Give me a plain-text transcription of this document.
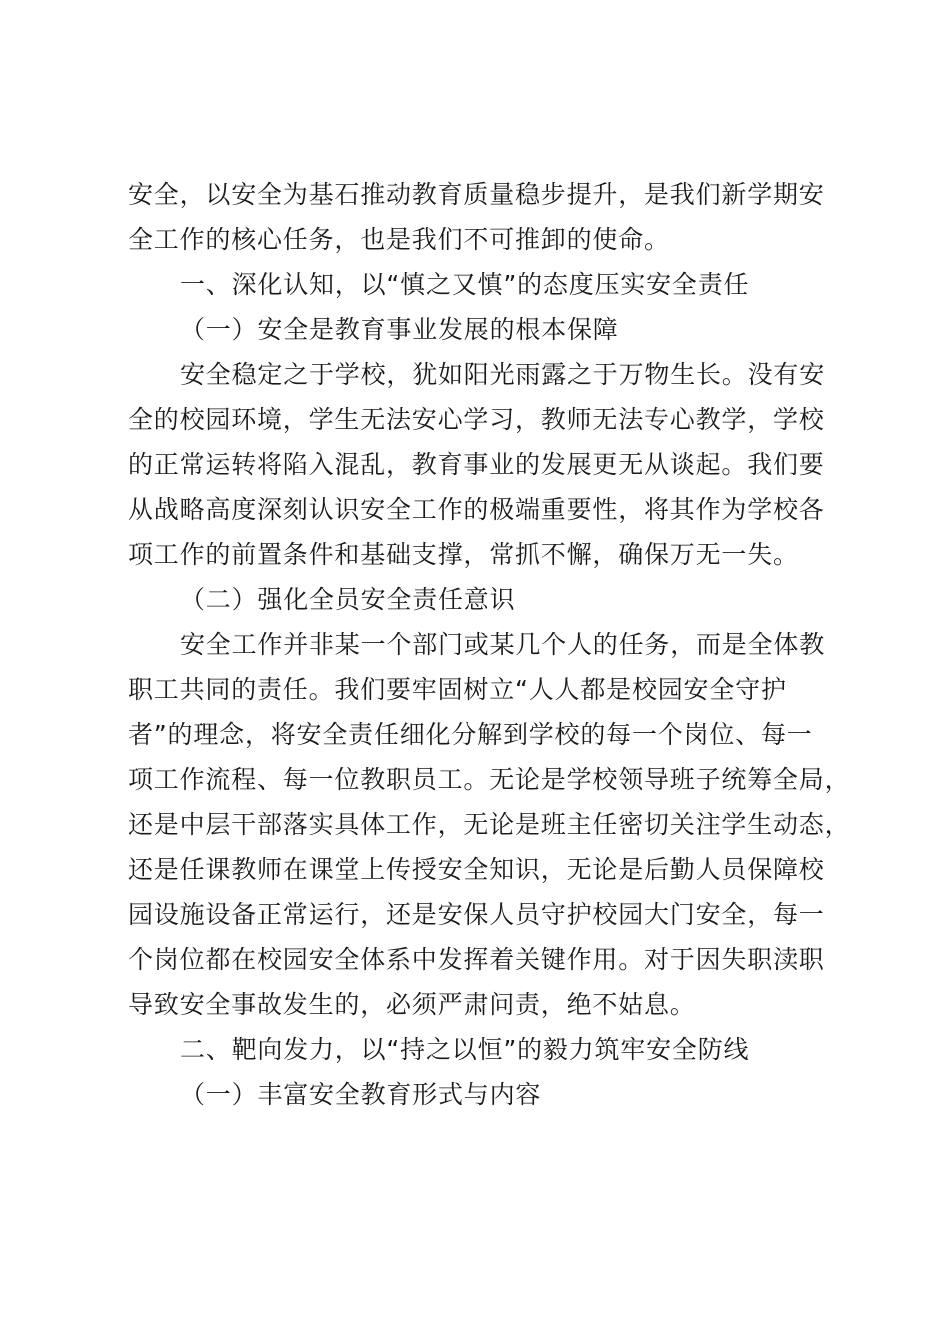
安全，以安全为基石推动教育质量稳步提升，是我们新学期安
全工作的核心任务，也是我们不可推卸的使命。
一、深化认知，以“慎之又慎”的态度压实安全责任
（一）安全是教育事业发展的根本保障
安全稳定之于学校，犹如阳光雨露之于万物生长。没有安
全的校园环境，学生无法安心学习，教师无法专心教学，学校
的正常运转将陷入混乱，教育事业的发展更无从谈起。我们要
从战略高度深刻认识安全工作的极端重要性，将其作为学校各
项工作的前置条件和基础支撑，常抓不懈，确保万无一失。
（二）强化全员安全责任意识
安全工作并非某一个部门或某几个人的任务，而是全体教
职工共同的责任。我们要牢固树立“人人都是校园安全守护
者”的理念，将安全责任细化分解到学校的每一个岗位、每一
项工作流程、每一位教职员工。无论是学校领导班子统筹全局，
还是中层干部落实具体工作，无论是班主任密切关注学生动态，
还是任课教师在课堂上传授安全知识，无论是后勤人员保障校
园设施设备正常运行，还是安保人员守护校园大门安全，每一
个岗位都在校园安全体系中发挥着关键作用。对于因失职渎职
导致安全事故发生的，必须严肃问责，绝不姑息。
二、靶向发力，以“持之以恒”的毅力筑牢安全防线
（一）丰富安全教育形式与内容
